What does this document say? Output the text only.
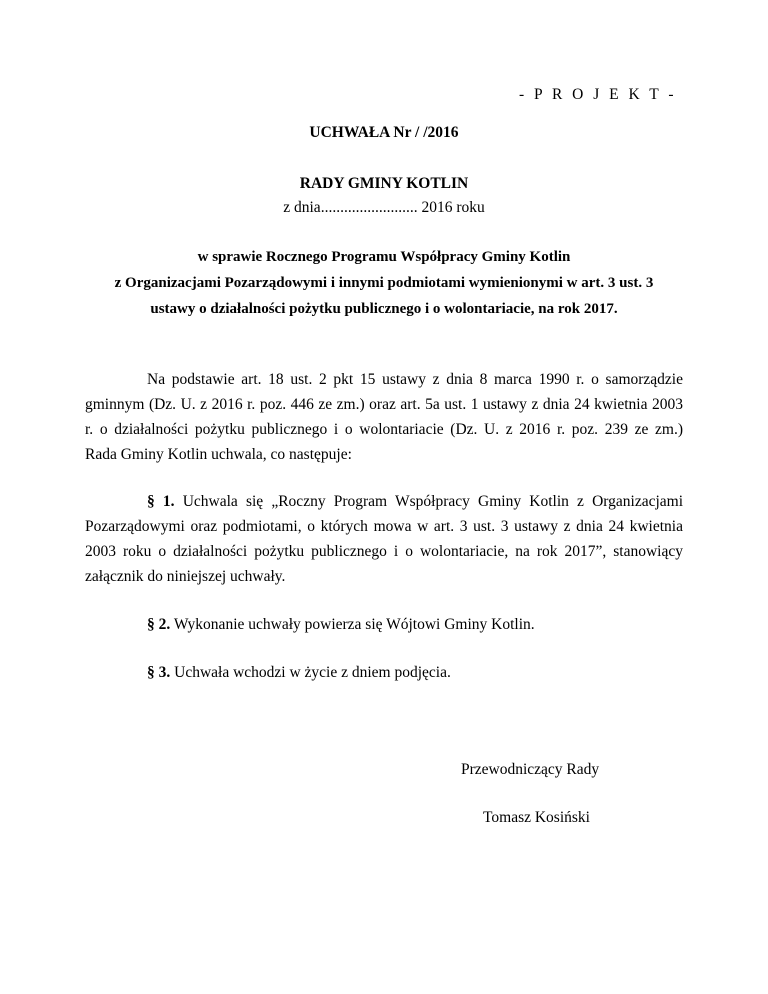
- P R O J E K T -
UCHWAŁA Nr / /2016
RADY GMINY KOTLIN
z dnia......................... 2016 roku
w sprawie Rocznego Programu Współpracy Gminy Kotlin
z Organizacjami Pozarządowymi i innymi podmiotami wymienionymi w art. 3 ust. 3
ustawy o działalności pożytku publicznego i o wolontariacie, na rok 2017.
Na podstawie art. 18 ust. 2 pkt 15 ustawy z dnia 8 marca 1990 r. o samorządzie
gminnym (Dz. U. z 2016 r. poz. 446 ze zm.) oraz art. 5a ust. 1 ustawy z dnia 24 kwietnia 2003
r. o działalności pożytku publicznego i o wolontariacie (Dz. U. z 2016 r. poz. 239 ze zm.)
Rada Gminy Kotlin uchwala, co następuje:
§ 1. Uchwala się „Roczny Program Współpracy Gminy Kotlin z Organizacjami
Pozarządowymi oraz podmiotami, o których mowa w art. 3 ust. 3 ustawy z dnia 24 kwietnia
2003 roku o działalności pożytku publicznego i o wolontariacie, na rok 2017”, stanowiący
załącznik do niniejszej uchwały.
§ 2. Wykonanie uchwały powierza się Wójtowi Gminy Kotlin.
§ 3. Uchwała wchodzi w życie z dniem podjęcia.
Przewodniczący Rady
Tomasz Kosiński
